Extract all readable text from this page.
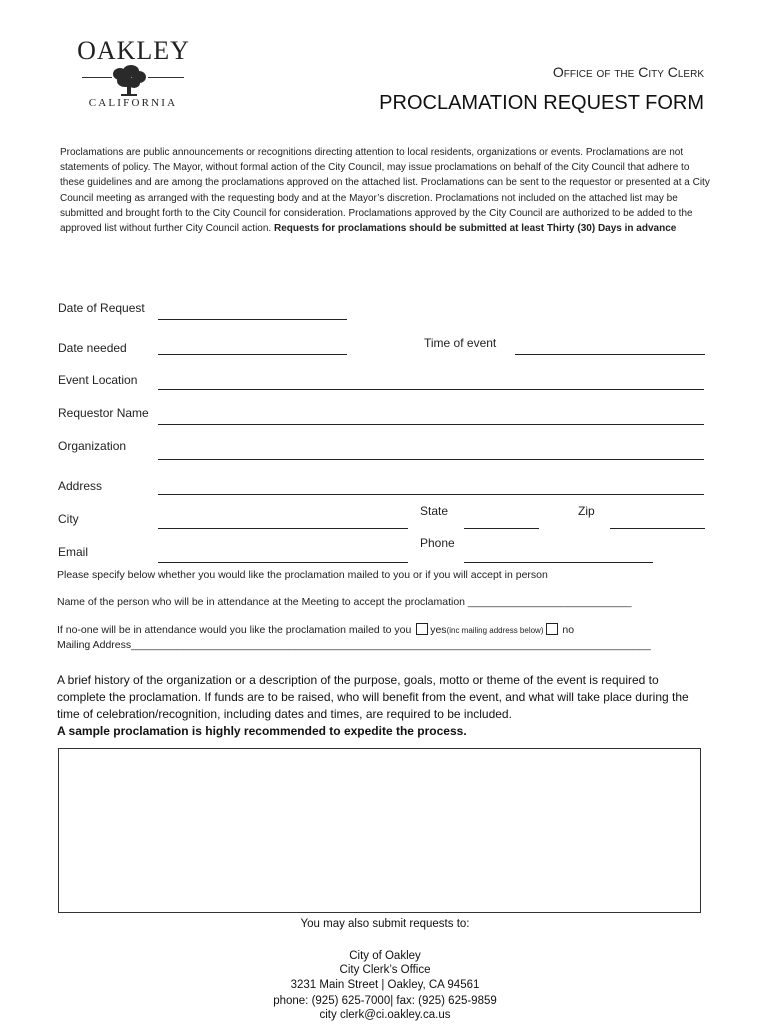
OAKLEY
CALIFORNIA
Office of the City Clerk
PROCLAMATION REQUEST FORM
Proclamations are public announcements or recognitions directing attention to local residents, organizations or events. Proclamations are not statements of policy. The Mayor, without formal action of the City Council, may issue proclamations on behalf of the City Council that adhere to these guidelines and are among the proclamations approved on the attached list. Proclamations can be sent to the requestor or presented at a City Council meeting as arranged with the requesting body and at the Mayor’s discretion. Proclamations not included on the attached list may be submitted and brought forth to the City Council for consideration. Proclamations approved by the City Council are authorized to be added to the approved list without further City Council action. Requests for proclamations should be submitted at least Thirty (30) Days in advance
Date of Request
Date needed	Time of event
Event Location
Requestor Name
Organization
Address
City
State	Zip
Email
Phone
Please specify below whether you would like the proclamation mailed to you or if you will accept in person
Name of the person who will be in attendance at the Meeting to accept the proclamation ____________________________
If no-one will be in attendance would you like the proclamation mailed to you yes(inc mailing address below) no
Mailing Address_________________________________________________________________________________________
A brief history of the organization or a description of the purpose, goals, motto or theme of the event is required to complete the proclamation. If funds are to be raised, who will benefit from the event, and what will take place during the time of celebration/recognition, including dates and times, are required to be included.
A sample proclamation is highly recommended to expedite the process.
You may also submit requests to:
City of Oakley
City Clerk’s Office
3231 Main Street | Oakley, CA 94561
phone: (925) 625-7000| fax: (925) 625-9859
city clerk@ci.oakley.ca.us
